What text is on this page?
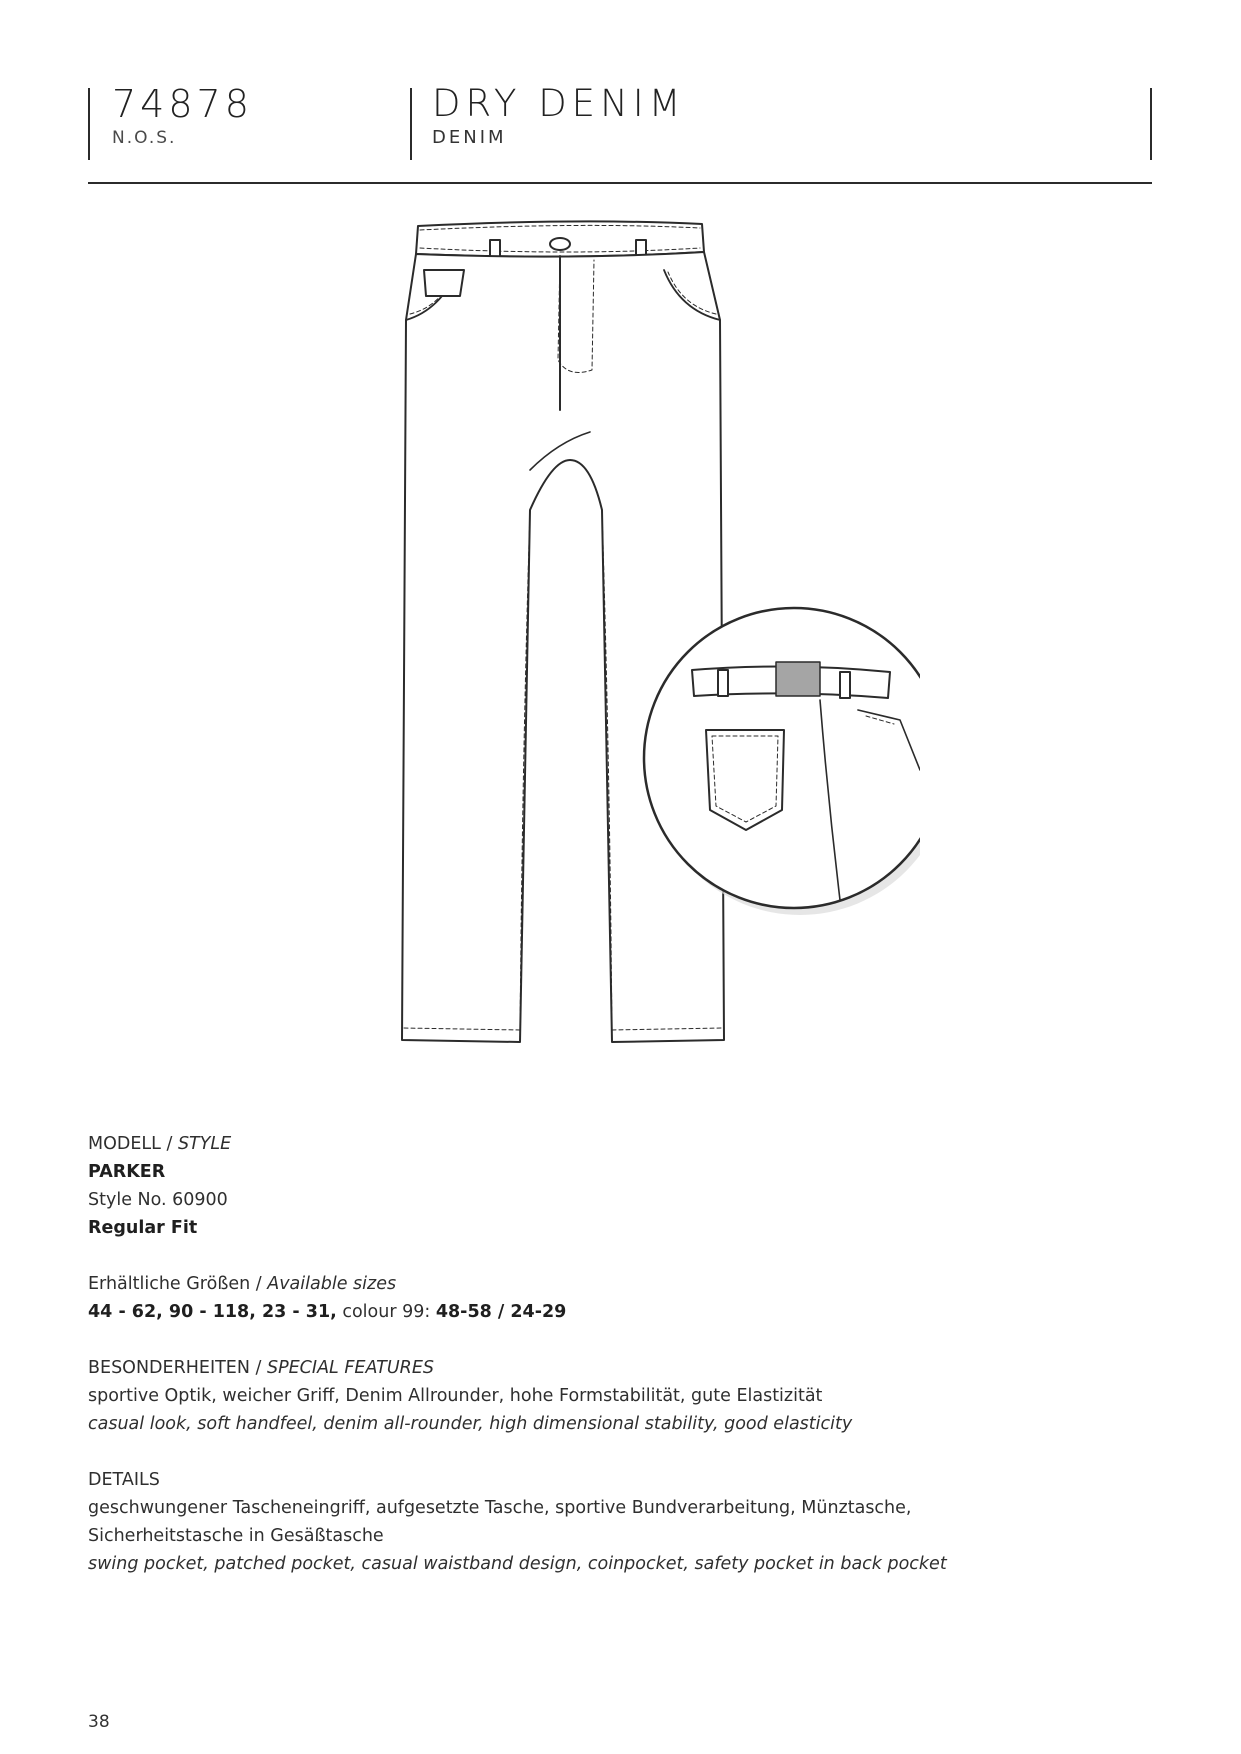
74878
N.O.S.
DRY DENIM
DENIM
MODELL / STYLE
PARKER
Style No. 60900
Regular Fit
Erhältliche Größen / Available sizes
44 - 62, 90 - 118, 23 - 31, colour 99: 48-58 / 24-29
BESONDERHEITEN / SPECIAL FEATURES
sportive Optik, weicher Griff, Denim Allrounder, hohe Formstabilität, gute Elastizität
casual look, soft handfeel, denim all-rounder, high dimensional stability, good elasticity
DETAILS
geschwungener Tascheneingriff, aufgesetzte Tasche, sportive Bundverarbeitung, Münztasche,
Sicherheitstasche in Gesäßtasche
swing pocket, patched pocket, casual waistband design, coinpocket, safety pocket in back pocket
38
